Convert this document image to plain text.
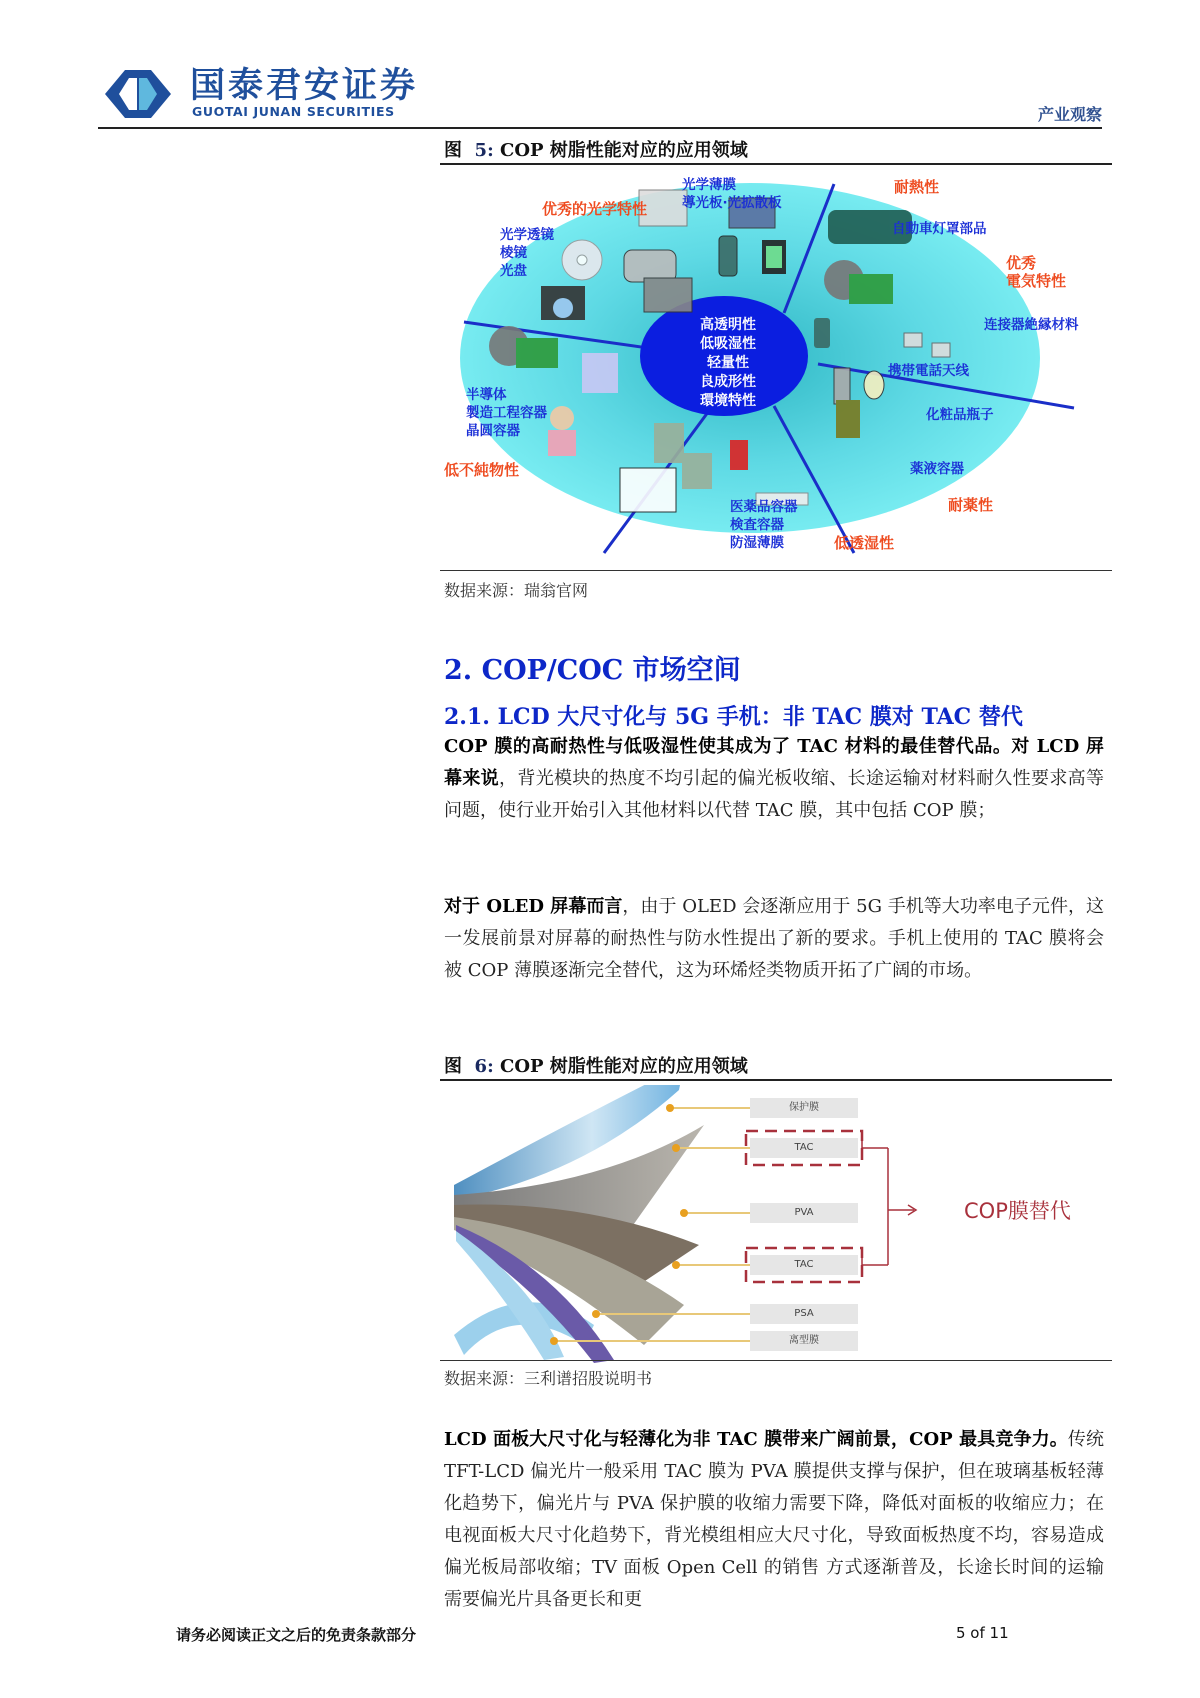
国泰君安证券
GUOTAI JUNAN SECURITIES	产业观察
图 5: COP 树脂性能对应的应用领域
高透明性
低吸湿性
轻量性
良成形性
環境特性
优秀的光学特性
耐熱性
优秀
電気特性
低不純物性
耐薬性
低透湿性
光学薄膜
導光板·光拡散板
光学透镜
棱镜
光盘
自動車灯罩部品
连接器絶縁材料
携帯電話天线
化粧品瓶子
薬液容器
半導体
製造工程容器
晶圆容器
医薬品容器
検査容器
防湿薄膜
数据来源：瑞翁官网
2. COP/COC 市场空间
2.1. LCD 大尺寸化与 5G 手机：非 TAC 膜对 TAC 替代
COP 膜的高耐热性与低吸湿性使其成为了 TAC 材料的最佳替代品。对 LCD 屏幕来说，背光模块的热度不均引起的偏光板收缩、长途运输对材料耐久性要求高等问题，使行业开始引入其他材料以代替 TAC 膜，其中包括 COP 膜；
对于 OLED 屏幕而言，由于 OLED 会逐渐应用于 5G 手机等大功率电子元件，这一发展前景对屏幕的耐热性与防水性提出了新的要求。手机上使用的 TAC 膜将会被 COP 薄膜逐渐完全替代，这为环烯烃类物质开拓了广阔的市场。
图 6: COP 树脂性能对应的应用领域
保护膜
TAC
PVA
TAC
PSA
离型膜
COP膜替代
数据来源：三利谱招股说明书
LCD 面板大尺寸化与轻薄化为非 TAC 膜带来广阔前景，COP 最具竞争力。传统 TFT-LCD 偏光片一般采用 TAC 膜为 PVA 膜提供支撑与保护，但在玻璃基板轻薄化趋势下，偏光片与 PVA 保护膜的收缩力需要下降，降低对面板的收缩应力；在电视面板大尺寸化趋势下，背光模组相应大尺寸化，导致面板热度不均，容易造成偏光板局部收缩；TV 面板 Open Cell 的销售 方式逐渐普及，长途长时间的运输需要偏光片具备更长和更
请务必阅读正文之后的免责条款部分	5 of 11
